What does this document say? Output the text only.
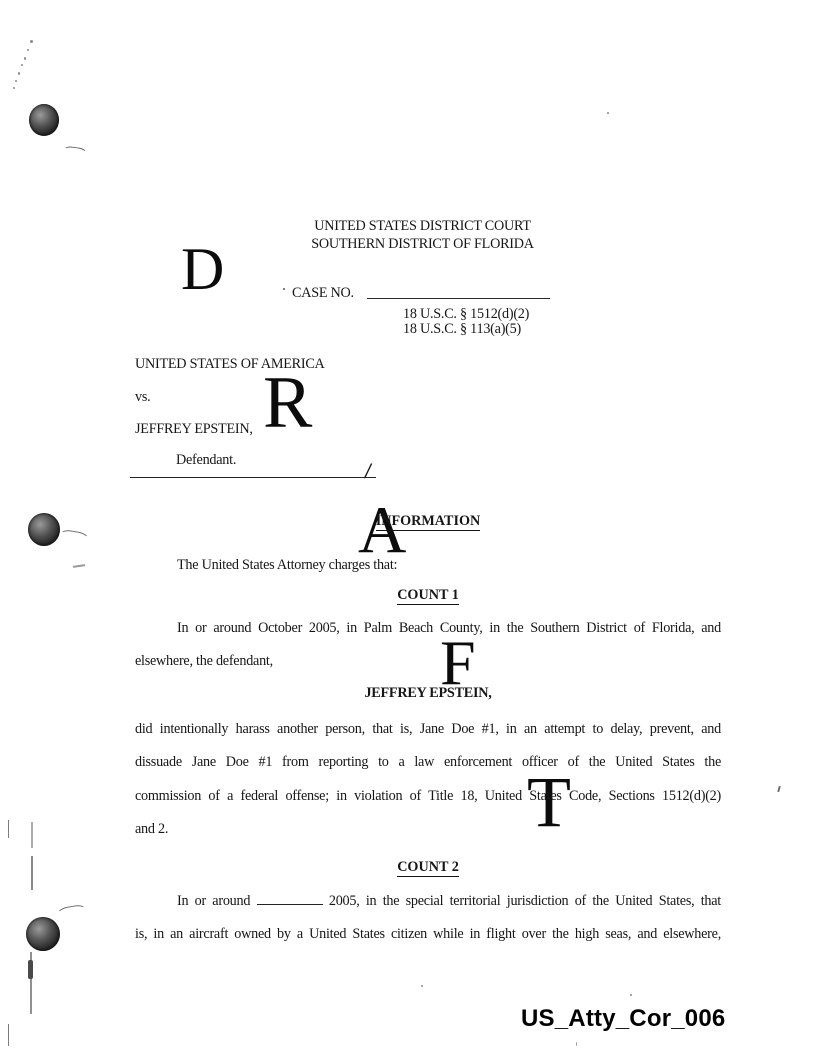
D
R
A
F
T
UNITED STATES DISTRICT COURT
SOUTHERN DISTRICT OF FLORIDA
CASE NO.
18 U.S.C. § 1512(d)(2)
18 U.S.C. § 113(a)(5)
UNITED STATES OF AMERICA
vs.
JEFFREY EPSTEIN,
Defendant.	/
INFORMATION
The United States Attorney charges that:
COUNT 1
In or around October 2005, in Palm Beach County, in the Southern District of Florida, and
elsewhere, the defendant,
JEFFREY EPSTEIN,
did intentionally harass another person, that is, Jane Doe #1, in an attempt to delay, prevent, and
dissuade Jane Doe #1 from reporting to a law enforcement officer of the United States the
commission of a federal offense; in violation of Title 18, United States Code, Sections 1512(d)(2)
and 2.
COUNT 2
In or around	2005, in the special territorial jurisdiction of the United States, that
is, in an aircraft owned by a United States citizen while in flight over the high seas, and elsewhere,
US_Atty_Cor_006
